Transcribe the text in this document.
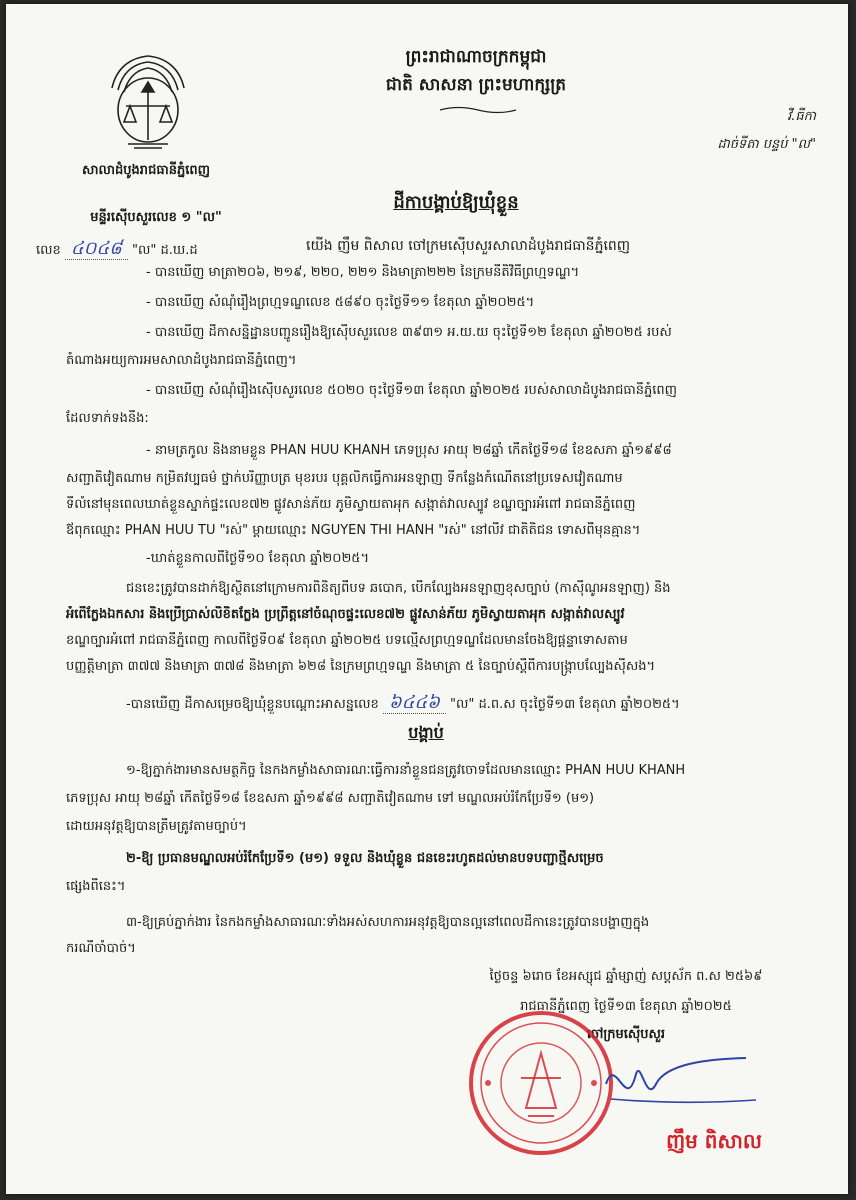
សាលាដំបូងរាជធានីភ្នំពេញ
មន្ទីរស៊ើបសួរលេខ ១ "ល"
លេខ ៤០៤៨ "ល" ដ.ឃ.ដ
ព្រះរាជាណាចក្រកម្ពុជា
ជាតិ សាសនា ព្រះមហាក្សត្រ
វី.ធីកា
ដាច់ទីតា បន្ទប់ "ល"
ដីកាបង្គាប់ឱ្យឃុំខ្លួន
យើង ញឹម ពិសាល ចៅក្រមស៊ើបសួរសាលាដំបូងរាជធានីភ្នំពេញ
- បានឃើញ មាត្រា២០៦, ២១៩, ២២០, ២២១ និងមាត្រា២២២ នៃក្រមនីតិវិធីព្រហ្មទណ្ឌ។
- បានឃើញ សំណុំរឿងព្រហ្មទណ្ឌលេខ ៥៨៩០ ចុះថ្ងៃទី១១ ខែតុលា ឆ្នាំ២០២៥។
- បានឃើញ ដីកាសន្និដ្ឋានបញ្ជូនរឿងឱ្យស៊ើបសួរលេខ ៣៩៣១ អ.យ.យ ចុះថ្ងៃទី១២ ខែតុលា ឆ្នាំ២០២៥ របស់
តំណាងអយ្យការអមសាលាដំបូងរាជធានីភ្នំពេញ។
- បានឃើញ សំណុំរឿងស៊ើបសួរលេខ ៥០២០ ចុះថ្ងៃទី១៣ ខែតុលា ឆ្នាំ២០២៥ របស់សាលាដំបូងរាជធានីភ្នំពេញ
ដែលទាក់ទងនឹង:
- នាមត្រកូល និងនាមខ្លួន PHAN HUU KHANH ភេទប្រុស អាយុ ២៨ឆ្នាំ កើតថ្ងៃទី១៨ ខែឧសភា ឆ្នាំ១៩៩៨
សញ្ជាតិវៀតណាម កម្រិតវប្បធម៌ ថ្នាក់បរិញ្ញាបត្រ មុខរបរ បុគ្គលិកធ្វើការអនឡាញ ទីកន្លែងកំណើតនៅប្រទេសវៀតណាម
ទីលំនៅមុនពេលឃាត់ខ្លួនស្នាក់ផ្ទះលេខ៧២ ផ្លូវសាន់ភ័យ ភូមិស្វាយតាអុក សង្កាត់វាលស្បូវ ខណ្ឌច្បារអំពៅ រាជធានីភ្នំពេញ
ឪពុកឈ្មោះ PHAN HUU TU "រស់" ម្ដាយឈ្មោះ NGUYEN THI HANH "រស់" នៅលីវ ជាតិតិជន ទោសពីមុនគ្មាន។
-ឃាត់ខ្លួនកាលពីថ្ងៃទី១០ ខែតុលា ឆ្នាំ២០២៥។
ជនខេះត្រូវបានដាក់ឱ្យស្ថិតនៅក្រោមការពិនិត្យពីបទ ឆបោក, បើកល្បែងអនឡាញខុសច្បាប់ (កាស៊ីណូអនឡាញ) និង
អំពើក្លែងឯកសារ និងប្រើប្រាស់លិខិតក្លែង ប្រព្រឹត្តនៅចំណុចផ្ទះលេខ៧២ ផ្លូវសាន់ភ័យ ភូមិស្វាយតាអុក សង្កាត់វាលស្បូវ
ខណ្ឌច្បារអំពៅ រាជធានីភ្នំពេញ កាលពីថ្ងៃទី០៩ ខែតុលា ឆ្នាំ២០២៥ បទល្មើសព្រហ្មទណ្ឌដែលមានចែងឱ្យផ្ដន្ទាទោសតាម
បញ្ញត្តិមាត្រា ៣៧៧ និងមាត្រា ៣៧៨ និងមាត្រា ៦២៨ នៃក្រមព្រហ្មទណ្ឌ និងមាត្រា ៥ នៃច្បាប់ស្ដីពីការបង្ក្រាបល្បែងស៊ីសង។
-បានឃើញ ដីកាសម្រេចឱ្យឃុំខ្លួនបណ្ដោះអាសន្នលេខ ៦៤៤៦ "ល" ដ.ព.ស ចុះថ្ងៃទី១៣ ខែតុលា ឆ្នាំ២០២៥។
បង្គាប់
១-ឱ្យភ្នាក់ងារមានសមត្ថកិច្ច នៃកងកម្លាំងសាធារណៈធ្វើការនាំខ្លួនជនត្រូវចោទដែលមានឈ្មោះ PHAN HUU KHANH
ភេទប្រុស អាយុ ២៨ឆ្នាំ កើតថ្ងៃទី១៨ ខែឧសភា ឆ្នាំ១៩៩៨ សញ្ជាតិវៀតណាម ទៅ មណ្ឌលអប់រំកែប្រែទី១ (ម១)
ដោយអនុវត្តឱ្យបានត្រឹមត្រូវតាមច្បាប់។
២-ឱ្យ ប្រធានមណ្ឌលអប់រំកែប្រែទី១ (ម១) ទទួល និងឃុំខ្លួន ជនខេះរហូតដល់មានបទបញ្ជាថ្មីសម្រេច
ផ្សេងពីនេះ។
៣-ឱ្យគ្រប់ភ្នាក់ងារ នៃកងកម្លាំងសាធារណៈទាំងអស់សហការអនុវត្តឱ្យបានល្អនៅពេលដីកានេះត្រូវបានបង្ហាញក្នុង
ករណីចាំបាច់។
ថ្ងៃចន្ទ ៦រោច ខែអស្សុជ ឆ្នាំម្សាញ់ សប្ដស័ក ព.ស ២៥៦៩
រាជធានីភ្នំពេញ ថ្ងៃទី១៣ ខែតុលា ឆ្នាំ២០២៥
ចៅក្រមស៊ើបសួរ
ញឹម ពិសាល
